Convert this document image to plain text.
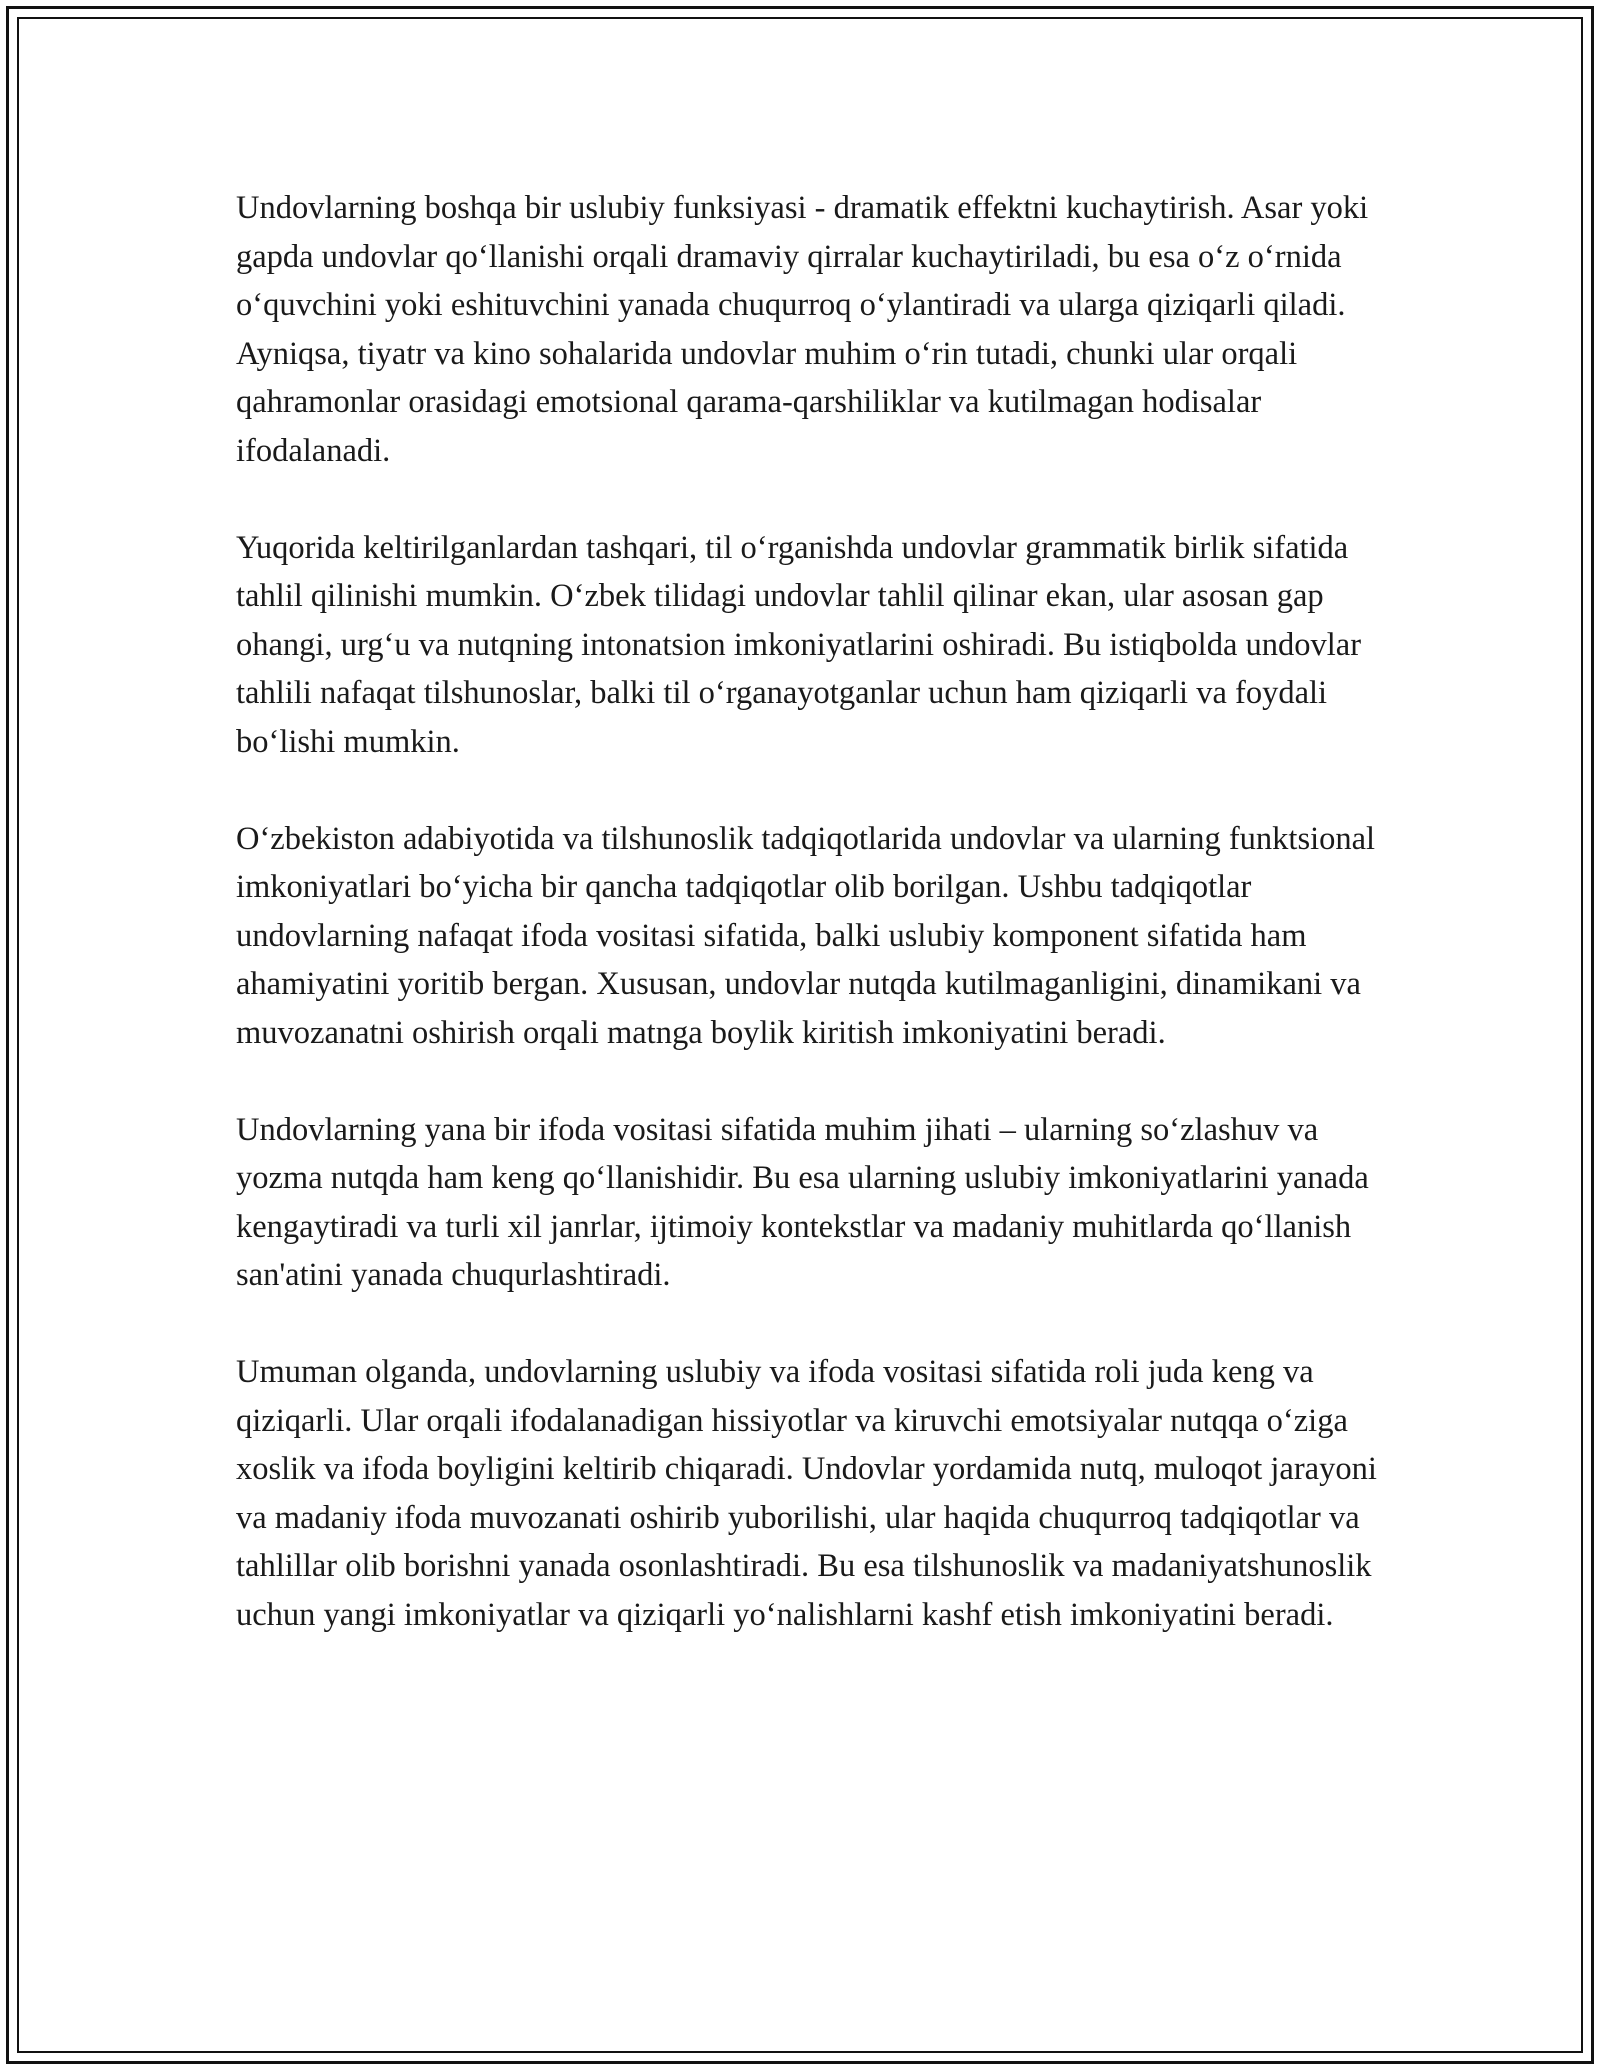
Undovlarning boshqa bir uslubiy funksiyasi - dramatik effektni kuchaytirish. Asar yoki gapda undovlar qo‘llanishi orqali dramaviy qirralar kuchaytiriladi, bu esa o‘z o‘rnida o‘quvchini yoki eshituvchini yanada chuqurroq o‘ylantiradi va ularga qiziqarli qiladi. Ayniqsa, tiyatr va kino sohalarida undovlar muhim o‘rin tutadi, chunki ular orqali qahramonlar orasidagi emotsional qarama-qarshiliklar va kutilmagan hodisalar ifodalanadi.

Yuqorida keltirilganlardan tashqari, til o‘rganishda undovlar grammatik birlik sifatida tahlil qilinishi mumkin. O‘zbek tilidagi undovlar tahlil qilinar ekan, ular asosan gap ohangi, urg‘u va nutqning intonatsion imkoniyatlarini oshiradi. Bu istiqbolda undovlar tahlili nafaqat tilshunoslar, balki til o‘rganayotganlar uchun ham qiziqarli va foydali bo‘lishi mumkin.

O‘zbekiston adabiyotida va tilshunoslik tadqiqotlarida undovlar va ularning funktsional imkoniyatlari bo‘yicha bir qancha tadqiqotlar olib borilgan. Ushbu tadqiqotlar undovlarning nafaqat ifoda vositasi sifatida, balki uslubiy komponent sifatida ham ahamiyatini yoritib bergan. Xususan, undovlar nutqda kutilmaganligini, dinamikani va muvozanatni oshirish orqali matnga boylik kiritish imkoniyatini beradi.

Undovlarning yana bir ifoda vositasi sifatida muhim jihati – ularning so‘zlashuv va yozma nutqda ham keng qo‘llanishidir. Bu esa ularning uslubiy imkoniyatlarini yanada kengaytiradi va turli xil janrlar, ijtimoiy kontekstlar va madaniy muhitlarda qo‘llanish san'atini yanada chuqurlashtiradi.

Umuman olganda, undovlarning uslubiy va ifoda vositasi sifatida roli juda keng va qiziqarli. Ular orqali ifodalanadigan hissiyotlar va kiruvchi emotsiyalar nutqqa o‘ziga xoslik va ifoda boyligini keltirib chiqaradi. Undovlar yordamida nutq, muloqot jarayoni va madaniy ifoda muvozanati oshirib yuborilishi, ular haqida chuqurroq tadqiqotlar va tahlillar olib borishni yanada osonlashtiradi. Bu esa tilshunoslik va madaniyatshunoslik uchun yangi imkoniyatlar va qiziqarli yo‘nalishlarni kashf etish imkoniyatini beradi.
